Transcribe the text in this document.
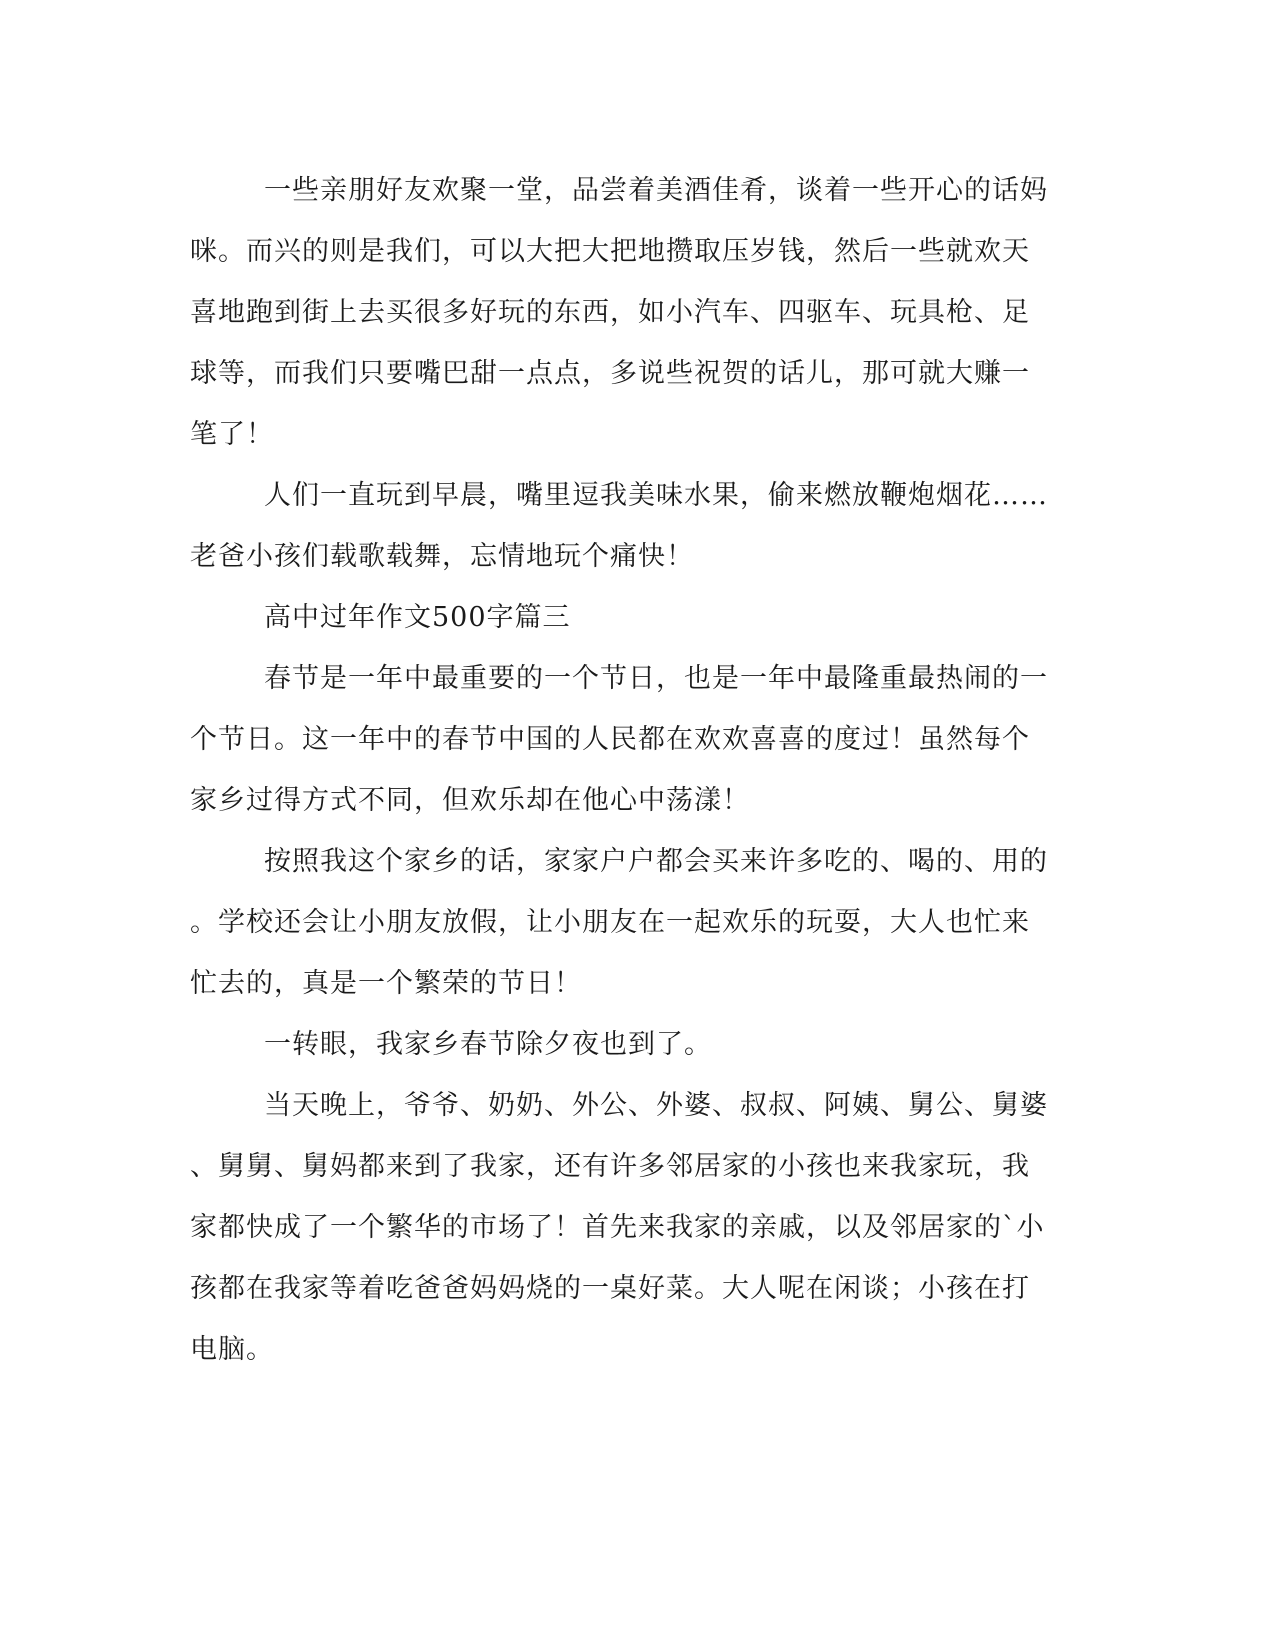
一些亲朋好友欢聚一堂，品尝着美酒佳肴，谈着一些开心的话妈
咪。而兴的则是我们，可以大把大把地攒取压岁钱，然后一些就欢天
喜地跑到街上去买很多好玩的东西，如小汽车、四驱车、玩具枪、足
球等，而我们只要嘴巴甜一点点，多说些祝贺的话儿，那可就大赚一
笔了！

人们一直玩到早晨，嘴里逗我美味水果，偷来燃放鞭炮烟花……
老爸小孩们载歌载舞，忘情地玩个痛快！

高中过年作文500字篇三

春节是一年中最重要的一个节日，也是一年中最隆重最热闹的一
个节日。这一年中的春节中国的人民都在欢欢喜喜的度过！虽然每个
家乡过得方式不同，但欢乐却在他心中荡漾！

按照我这个家乡的话，家家户户都会买来许多吃的、喝的、用的
。学校还会让小朋友放假，让小朋友在一起欢乐的玩耍，大人也忙来
忙去的，真是一个繁荣的节日！

一转眼，我家乡春节除夕夜也到了。

当天晚上，爷爷、奶奶、外公、外婆、叔叔、阿姨、舅公、舅婆
、舅舅、舅妈都来到了我家，还有许多邻居家的小孩也来我家玩，我
家都快成了一个繁华的市场了！首先来我家的亲戚，以及邻居家的`小
孩都在我家等着吃爸爸妈妈烧的一桌好菜。大人呢在闲谈；小孩在打
电脑。
